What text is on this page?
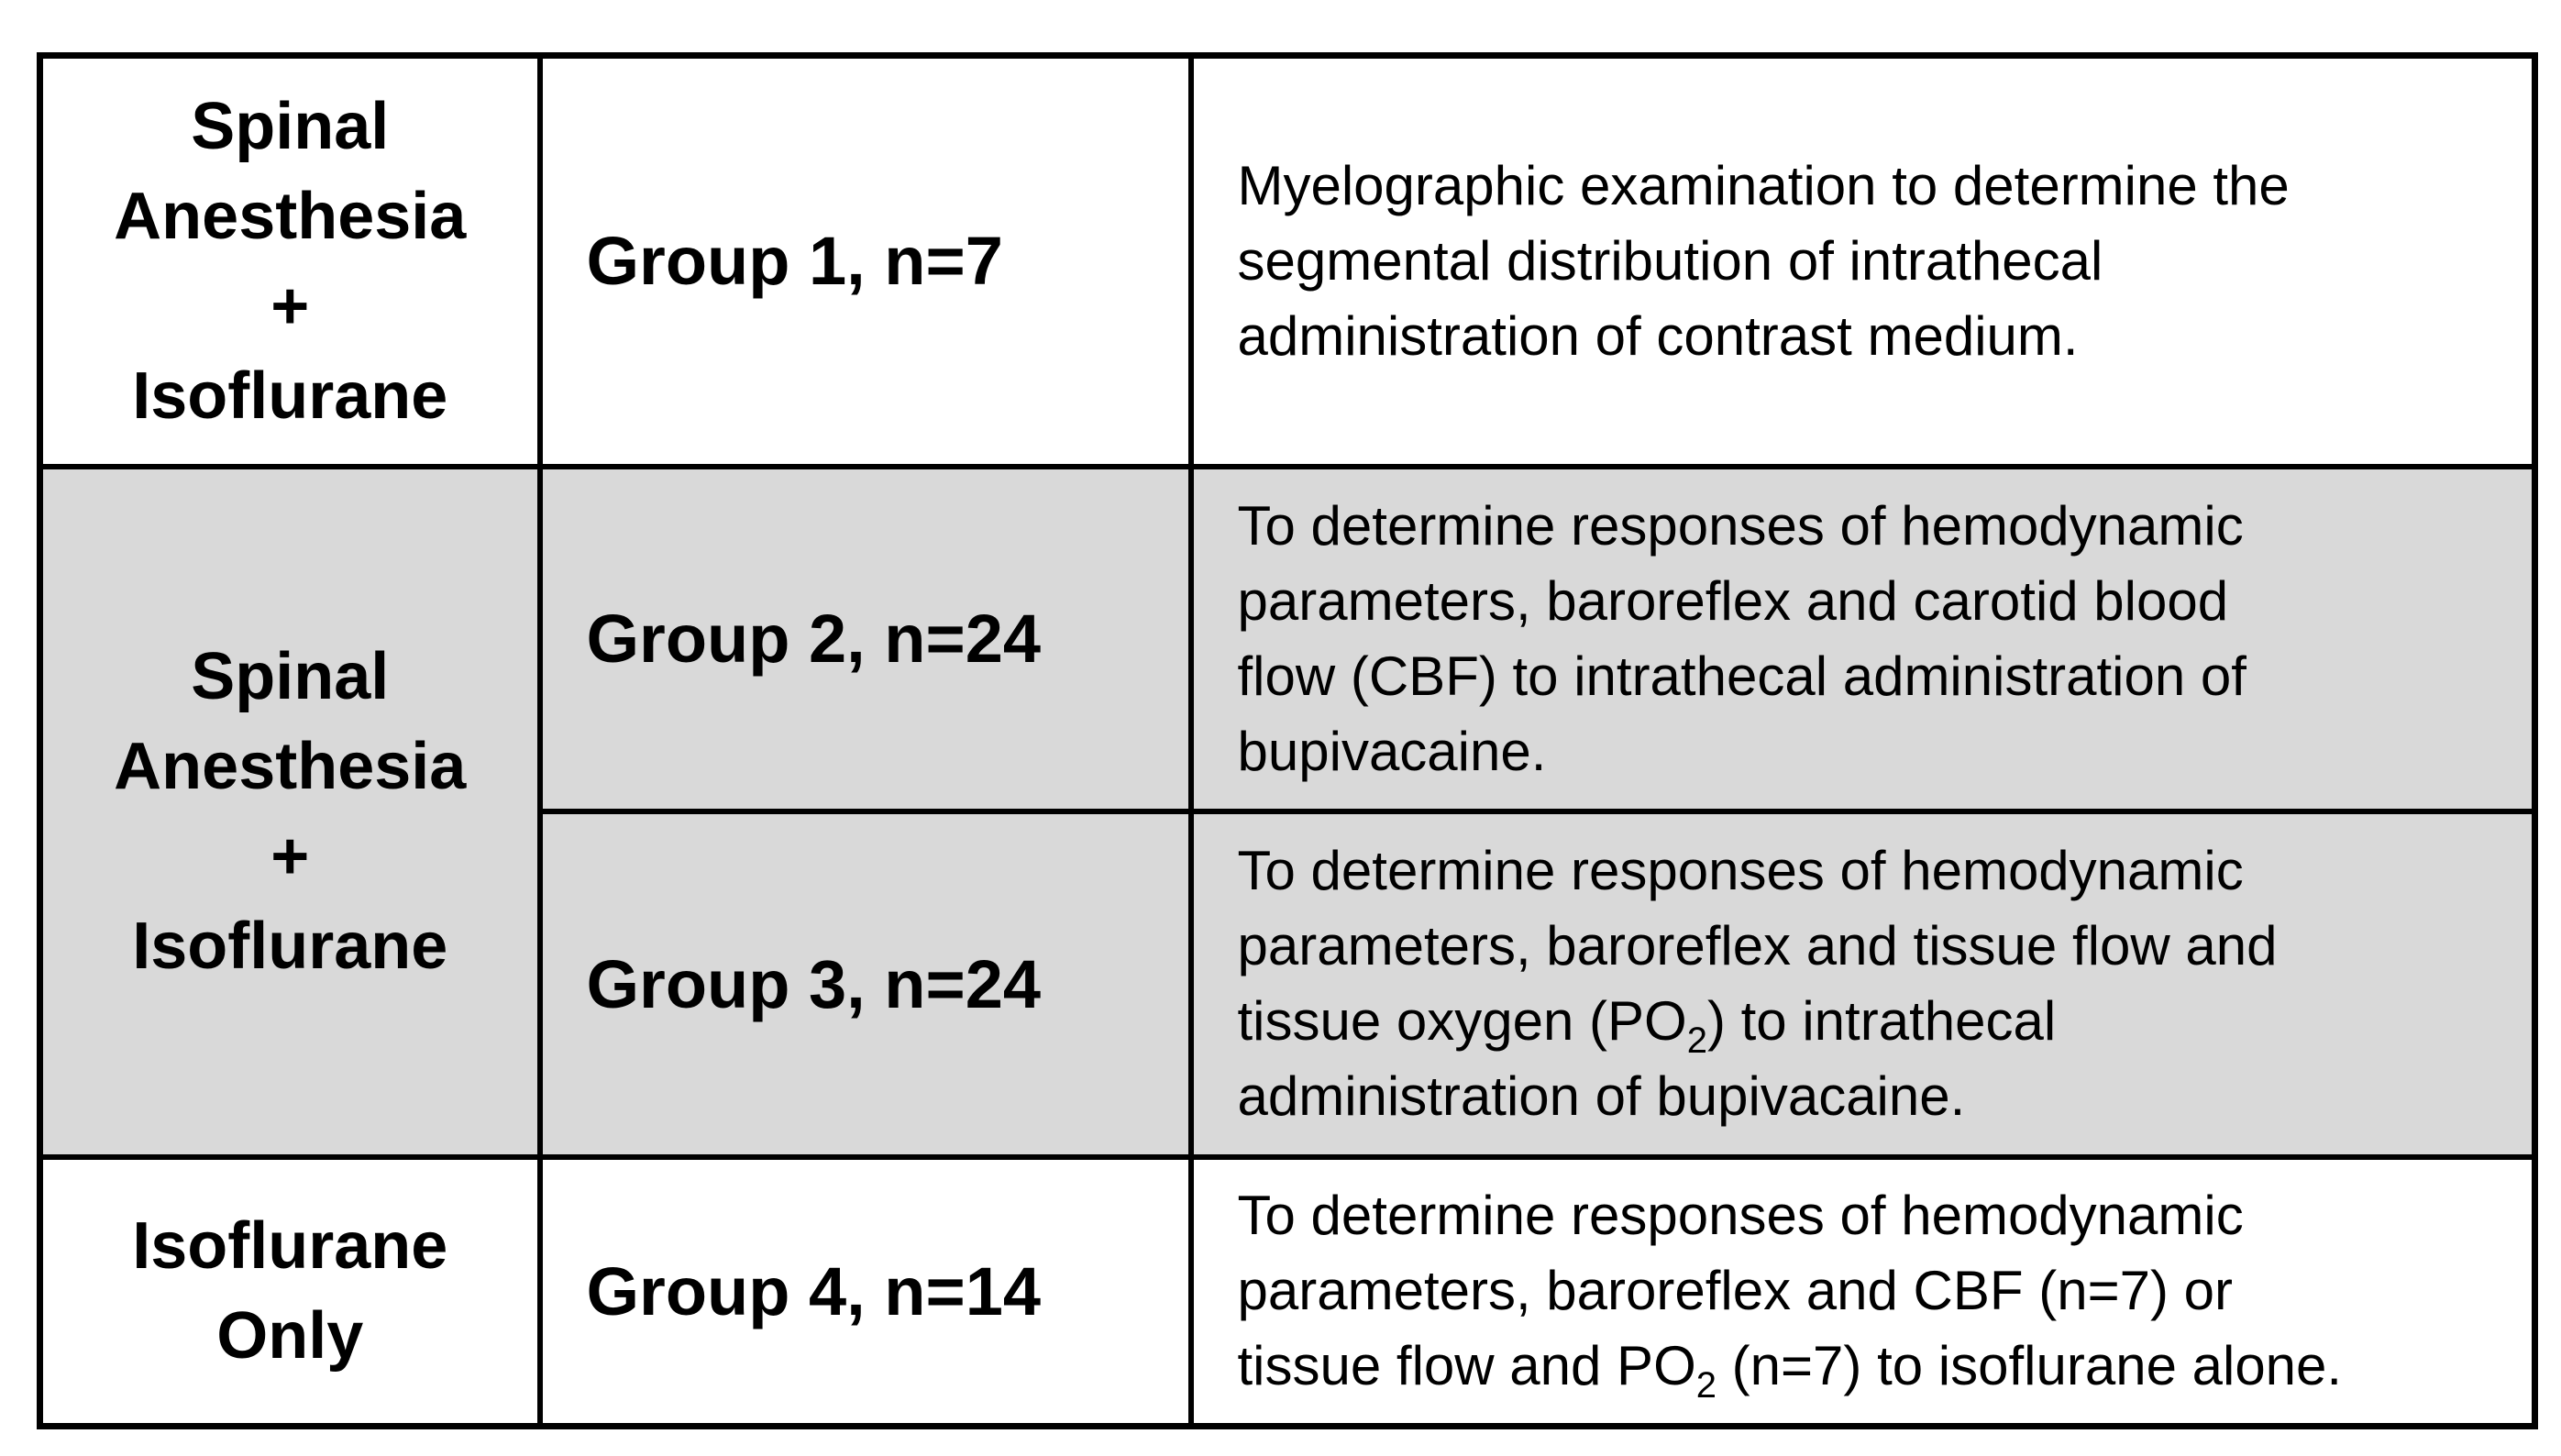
Spinal
Anesthesia
+
Isoflurane	Group 1, n=7	Myelographic examination to determine the
segmental distribution of intrathecal
administration of contrast medium.

Spinal
Anesthesia
+
Isoflurane	Group 2, n=24	To determine responses of hemodynamic
parameters, baroreflex and carotid blood
flow (CBF) to intrathecal administration of
bupivacaine.

	Group 3, n=24	To determine responses of hemodynamic
parameters, baroreflex and tissue flow and
tissue oxygen $(PO_2)$ to intrathecal
administration of bupivacaine.

Isoflurane
Only	Group 4, n=14	To determine responses of hemodynamic
parameters, baroreflex and CBF (n=7) or
tissue flow and $PO_2$ (n=7) to isoflurane alone.
